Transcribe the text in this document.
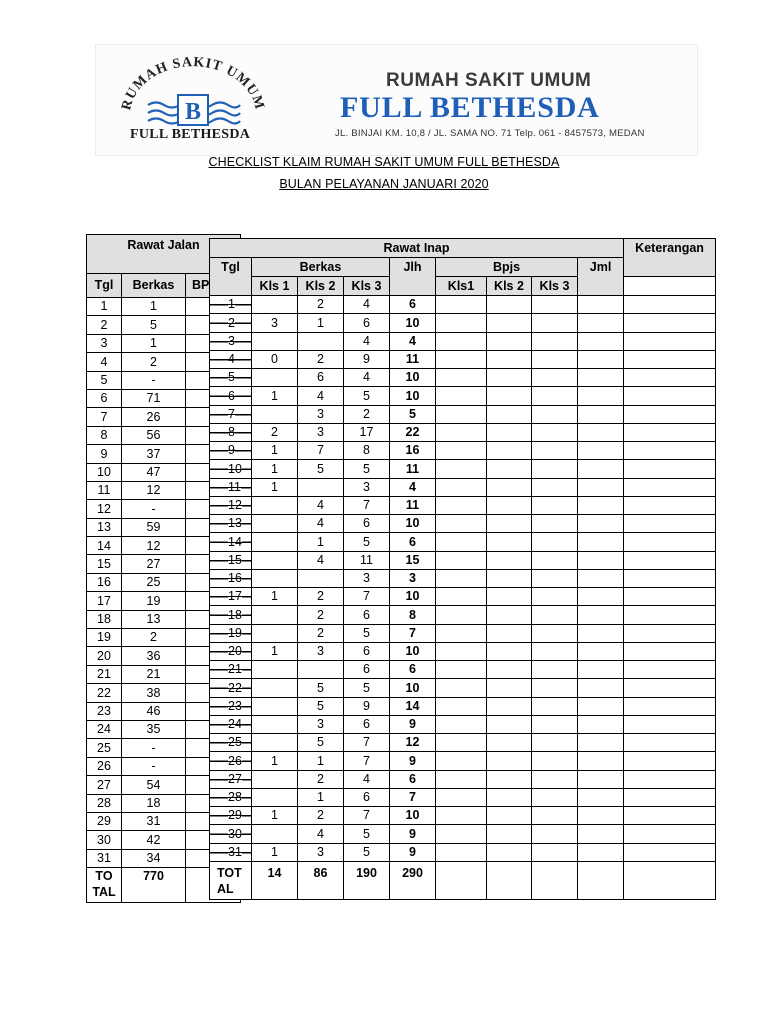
RUMAH SAKIT UMUM
B
FULL BETHESDA
RUMAH SAKIT UMUM
FULL BETHESDA
JL. BINJAI KM. 10,8 / JL. SAMA NO. 71 Telp. 061 - 8457573, MEDAN
CHECKLIST KLAIM RUMAH SAKIT UMUM FULL BETHESDA
BULAN PELAYANAN JANUARI 2020
Rawat Jalan		
Tgl	Berkas	BP
1	1	
2	5	
3	1	
4	2	
5	-	
6	71	
7	26	
8	56	
9	37	
10	47	
11	12	
12	-	
13	59	
14	12	
15	27	
16	25	
17	19	
18	13	
19	2	
20	36	
21	21	
22	38	
23	46	
24	35	
25	-	
26	-	
27	54	
28	18	
29	31	
30	42	
31	34	
TO
TAL	770	
Rawat Inap									Keterangan
Tgl	Berkas			Jlh	Bpjs			Jml	
	Kls 1	Kls 2	Kls 3		Kls1	Kls 2	Kls 3		
1		2	4	6					
2	3	1	6	10					
3			4	4					
4	0	2	9	11					
5		6	4	10					
6	1	4	5	10					
7		3	2	5					
8	2	3	17	22					
9	1	7	8	16					
10	1	5	5	11					
11	1		3	4					
12		4	7	11					
13		4	6	10					
14		1	5	6					
15		4	11	15					
16			3	3					
17	1	2	7	10					
18		2	6	8					
19		2	5	7					
20	1	3	6	10					
21			6	6					
22		5	5	10					
23		5	9	14					
24		3	6	9					
25		5	7	12					
26	1	1	7	9					
27		2	4	6					
28		1	6	7					
29	1	2	7	10					
30		4	5	9					
31	1	3	5	9					
TOT
AL	14	86	190	290					
